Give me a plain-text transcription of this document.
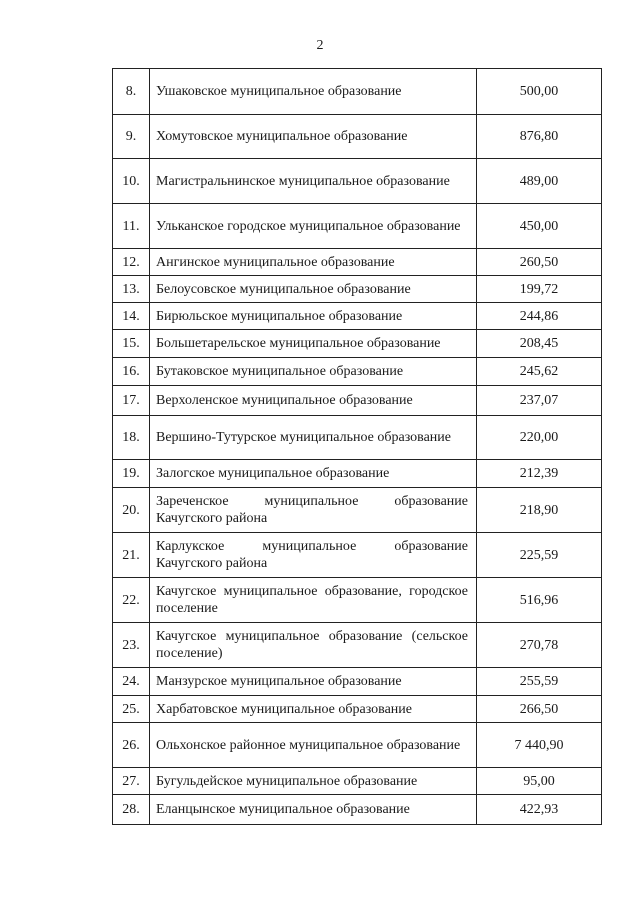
2
8.	Ушаковское муниципальное образование	500,00
9.	Хомутовское муниципальное образование	876,80
10.	Магистральнинское муниципальное образование	489,00
11.	Ульканское городское муниципальное образование	450,00
12.	Ангинское муниципальное образование	260,50
13.	Белоусовское муниципальное образование	199,72
14.	Бирюльское муниципальное образование	244,86
15.	Большетарельское муниципальное образование	208,45
16.	Бутаковское муниципальное образование	245,62
17.	Верхоленское муниципальное образование	237,07
18.	Вершино-Тутурское муниципальное образование	220,00
19.	Залогское муниципальное образование	212,39
20.	Зареченское муниципальное образование Качугского района	218,90
21.	Карлукское муниципальное образование Качугского района	225,59
22.	Качугское муниципальное образование, городское поселение	516,96
23.	Качугское муниципальное образование (сельское поселение)	270,78
24.	Манзурское муниципальное образование	255,59
25.	Харбатовское муниципальное образование	266,50
26.	Ольхонское районное муниципальное образование	7 440,90
27.	Бугульдейское муниципальное образование	95,00
28.	Еланцынское муниципальное образование	422,93
